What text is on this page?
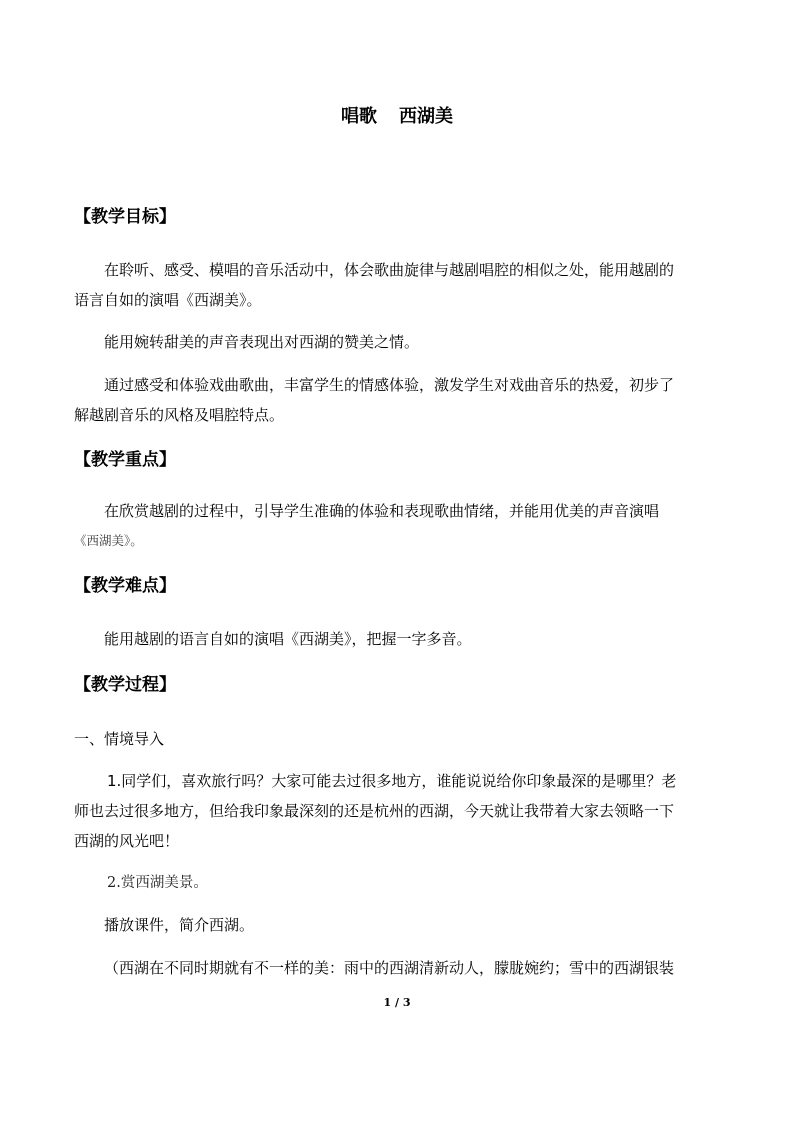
唱歌 西湖美
【教学目标】
在聆听、感受、模唱的音乐活动中，体会歌曲旋律与越剧唱腔的相似之处，能用越剧的
语言自如的演唱《西湖美》。
能用婉转甜美的声音表现出对西湖的赞美之情。
通过感受和体验戏曲歌曲，丰富学生的情感体验，激发学生对戏曲音乐的热爱，初步了
解越剧音乐的风格及唱腔特点。
【教学重点】
在欣赏越剧的过程中，引导学生准确的体验和表现歌曲情绪，并能用优美的声音演唱
《西湖美》。
【教学难点】
能用越剧的语言自如的演唱《西湖美》，把握一字多音。
【教学过程】
一、情境导入
1.同学们，喜欢旅行吗？大家可能去过很多地方，谁能说说给你印象最深的是哪里？老
师也去过很多地方，但给我印象最深刻的还是杭州的西湖，今天就让我带着大家去领略一下
西湖的风光吧！
2.赏西湖美景。
播放课件，简介西湖。
（西湖在不同时期就有不一样的美：雨中的西湖清新动人，朦胧婉约；雪中的西湖银装
1 / 3
